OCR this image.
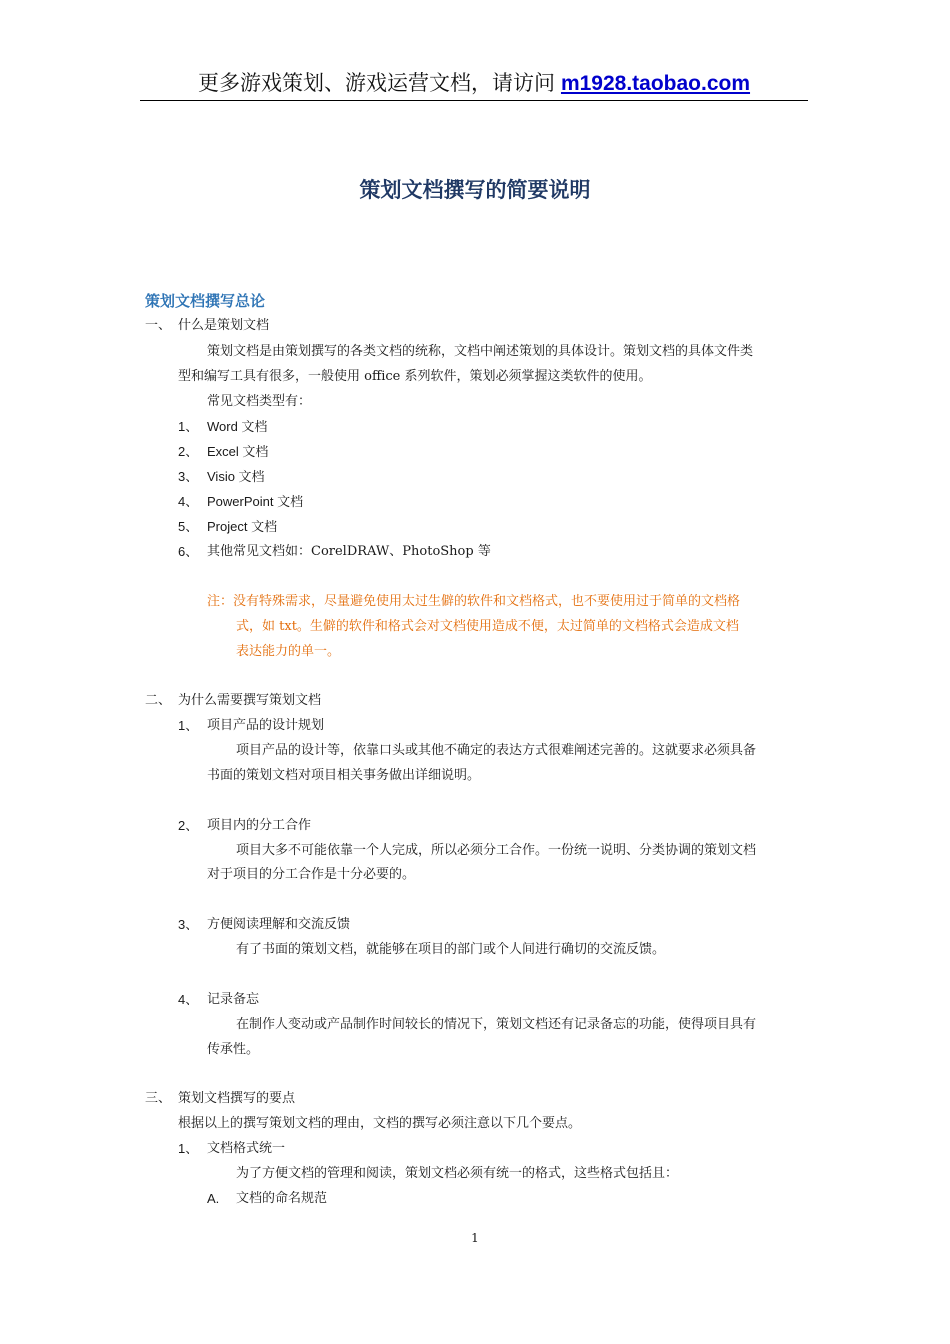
更多游戏策划、游戏运营文档，请访问 m1928.taobao.com
策划文档撰写的简要说明
策划文档撰写总论
一、 什么是策划文档
策划文档是由策划撰写的各类文档的统称，文档中阐述策划的具体设计。策划文档的具体文件类
型和编写工具有很多，一般使用 office 系列软件，策划必须掌握这类软件的使用。
常见文档类型有：
1、 Word 文档
2、 Excel 文档
3、 Visio 文档
4、 PowerPoint 文档
5、 Project 文档
6、 其他常见文档如：CorelDRAW、PhotoShop 等
注：没有特殊需求，尽量避免使用太过生僻的软件和文档格式，也不要使用过于简单的文档格
式，如 txt。生僻的软件和格式会对文档使用造成不便，太过简单的文档格式会造成文档
表达能力的单一。
二、 为什么需要撰写策划文档
1、 项目产品的设计规划
项目产品的设计等，依靠口头或其他不确定的表达方式很难阐述完善的。这就要求必须具备
书面的策划文档对项目相关事务做出详细说明。
2、 项目内的分工合作
项目大多不可能依靠一个人完成，所以必须分工合作。一份统一说明、分类协调的策划文档
对于项目的分工合作是十分必要的。
3、 方便阅读理解和交流反馈
有了书面的策划文档，就能够在项目的部门或个人间进行确切的交流反馈。
4、 记录备忘
在制作人变动或产品制作时间较长的情况下，策划文档还有记录备忘的功能，使得项目具有
传承性。
三、 策划文档撰写的要点
根据以上的撰写策划文档的理由，文档的撰写必须注意以下几个要点。
1、 文档格式统一
为了方便文档的管理和阅读，策划文档必须有统一的格式，这些格式包括且：
A. 文档的命名规范
1
